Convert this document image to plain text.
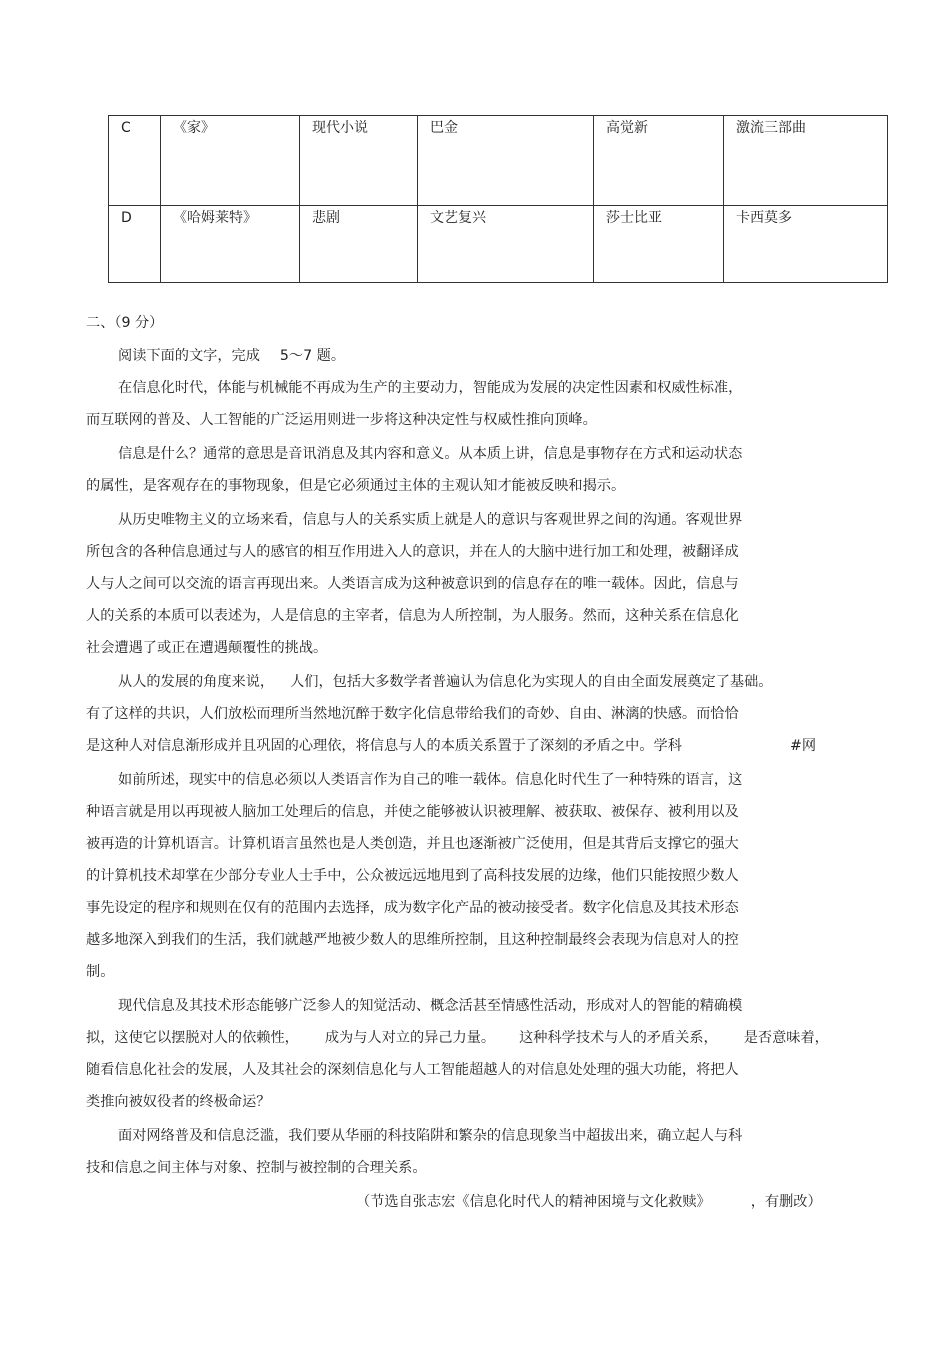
C	《家》	现代小说	巴金	高觉新	激流三部曲
D	《哈姆莱特》	悲剧	文艺复兴	莎士比亚	卡西莫多
二、（9 分）
阅读下面的文字，完成 5～7 题。
在信息化时代，体能与机械能不再成为生产的主要动力，智能成为发展的决定性因素和权威性标准，
而互联网的普及、人工智能的广泛运用则进一步将这种决定性与权威性推向顶峰。
信息是什么？通常的意思是音讯消息及其内容和意义。从本质上讲，信息是事物存在方式和运动状态
的属性，是客观存在的事物现象，但是它必须通过主体的主观认知才能被反映和揭示。
从历史唯物主义的立场来看，信息与人的关系实质上就是人的意识与客观世界之间的沟通。客观世界
所包含的各种信息通过与人的感官的相互作用进入人的意识，并在人的大脑中进行加工和处理，被翻译成
人与人之间可以交流的语言再现出来。人类语言成为这种被意识到的信息存在的唯一载体。因此，信息与
人的关系的本质可以表述为，人是信息的主宰者，信息为人所控制，为人服务。然而，这种关系在信息化
社会遭遇了或正在遭遇颠覆性的挑战。
从人的发展的角度来说， 人们，包括大多数学者普遍认为信息化为实现人的自由全面发展奠定了基础。
有了这样的共识，人们放松而理所当然地沉醉于数字化信息带给我们的奇妙、自由、淋漓的快感。而恰恰
是这种人对信息渐形成并且巩固的心理依，将信息与人的本质关系置于了深刻的矛盾之中。学科	#网
如前所述，现实中的信息必须以人类语言作为自己的唯一载体。信息化时代生了一种特殊的语言，这
种语言就是用以再现被人脑加工处理后的信息，并使之能够被认识被理解、被获取、被保存、被利用以及
被再造的计算机语言。计算机语言虽然也是人类创造，并且也逐渐被广泛使用，但是其背后支撑它的强大
的计算机技术却掌在少部分专业人士手中，公众被远远地甩到了高科技发展的边缘，他们只能按照少数人
事先设定的程序和规则在仅有的范围内去选择，成为数字化产品的被动接受者。数字化信息及其技术形态
越多地深入到我们的生活，我们就越严地被少数人的思维所控制，且这种控制最终会表现为信息对人的控
制。
现代信息及其技术形态能够广泛参人的知觉活动、概念活甚至情感性活动，形成对人的智能的精确模
拟，这使它以摆脱对人的依赖性， 成为与人对立的异己力量。 这种科学技术与人的矛盾关系， 是否意味着，
随看信息化社会的发展，人及其社会的深刻信息化与人工智能超越人的对信息处处理的强大功能，将把人
类推向被奴役者的终极命运？
面对网络普及和信息泛滥，我们要从华丽的科技陷阱和繁杂的信息现象当中超拔出来，确立起人与科
技和信息之间主体与对象、控制与被控制的合理关系。
（节选自张志宏《信息化时代人的精神困境与文化救赎》	，有删改）
